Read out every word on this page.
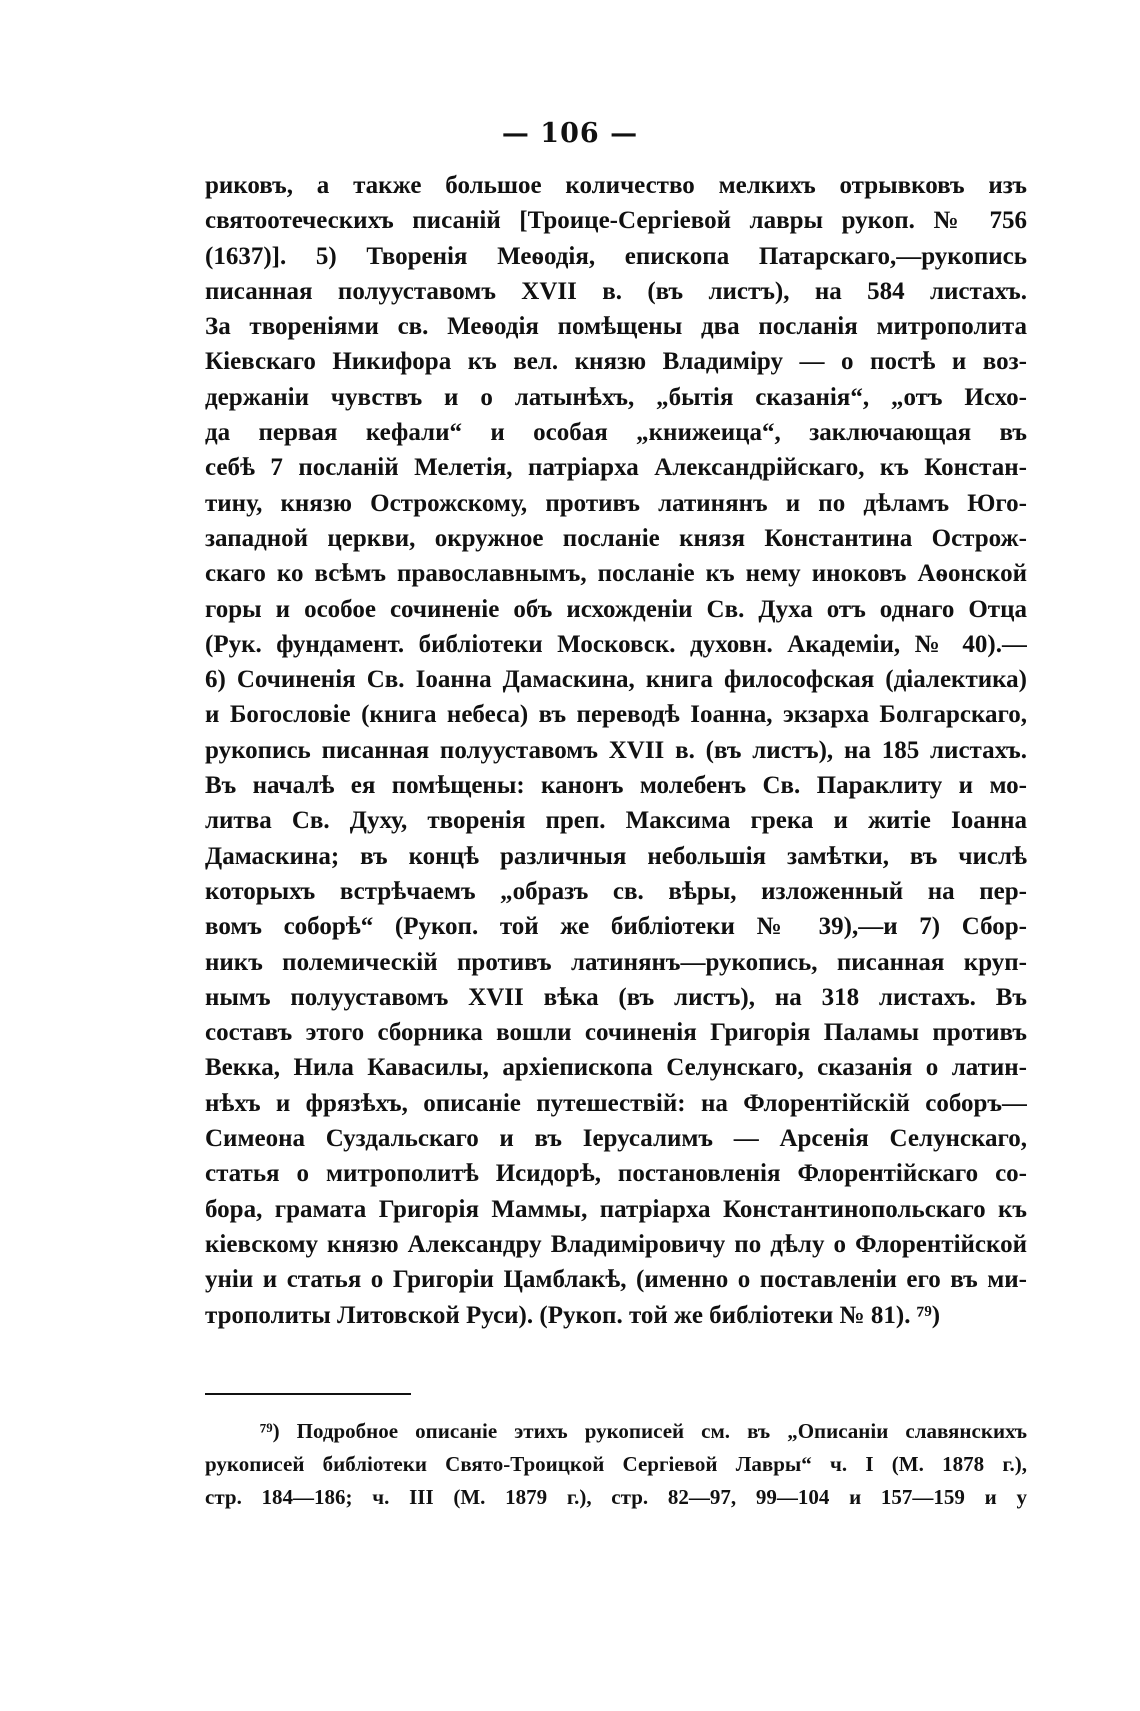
— 106 —
риковъ, а также большое количество мелкихъ отрывковъ изъ
святоотеческихъ писаній [Троице-Сергіевой лавры рукоп. № 756
(1637)]. 5) Творенія Меѳодія, епископа Патарскаго,—рукопись
писанная полууставомъ XVII в. (въ листъ), на 584 листахъ.
За твореніями св. Меѳодія помѣщены два посланія митрополита
Кіевскаго Никифора къ вел. князю Владиміру — о постѣ и воз-
держаніи чувствъ и о латынѣхъ, „бытія сказанія“, „отъ Исхо-
да первая кефали“ и особая „книжеица“, заключающая въ
себѣ 7 посланій Мелетія, патріарха Александрійскаго, къ Констан-
тину, князю Острожскому, противъ латинянъ и по дѣламъ Юго-
западной церкви, окружное посланіе князя Константина Острож-
скаго ко всѣмъ православнымъ, посланіе къ нему иноковъ Аѳонской
горы и особое сочиненіе объ исхожденіи Св. Духа отъ однаго Отца
(Рук. фундамент. библіотеки Московск. духовн. Академіи, № 40).—
6) Сочиненія Св. Іоанна Дамаскина, книга философская (діалектика)
и Богословіе (книга небеса) въ переводѣ Іоанна, экзарха Болгарскаго,
рукопись писанная полууставомъ XVII в. (въ листъ), на 185 листахъ.
Въ началѣ ея помѣщены: канонъ молебенъ Св. Параклиту и мо-
литва Св. Духу, творенія преп. Максима грека и житіе Іоанна
Дамаскина; въ концѣ различныя небольшія замѣтки, въ числѣ
которыхъ встрѣчаемъ „образъ св. вѣры, изложенный на пер-
вомъ соборѣ“ (Рукоп. той же библіотеки № 39),—и 7) Сбор-
никъ полемическій противъ латинянъ—рукопись, писанная круп-
нымъ полууставомъ XVII вѣка (въ листъ), на 318 листахъ. Въ
составъ этого сборника вошли сочиненія Григорія Паламы противъ
Векка, Нила Кавасилы, архіепископа Селунскаго, сказанія о латин-
нѣхъ и фрязѣхъ, описаніе путешествій: на Флорентійскій соборъ—
Симеона Суздальскаго и въ Іерусалимъ — Арсенія Селунскаго,
статья о митрополитѣ Исидорѣ, постановленія Флорентійскаго со-
бора, грамата Григорія Маммы, патріарха Константинопольскаго къ
кіевскому князю Александру Владиміровичу по дѣлу о Флорентійской
уніи и статья о Григоріи Цамблакѣ, (именно о поставленіи его въ ми-
трополиты Литовской Руси). (Рукоп. той же библіотеки № 81). ⁷⁹)
⁷⁹) Подробное описаніе этихъ рукописей см. въ „Описаніи славянскихъ
рукописей библіотеки Свято-Троицкой Сергіевой Лавры“ ч. I (М. 1878 г.),
стр. 184—186; ч. III (М. 1879 г.), стр. 82—97, 99—104 и 157—159 и у
